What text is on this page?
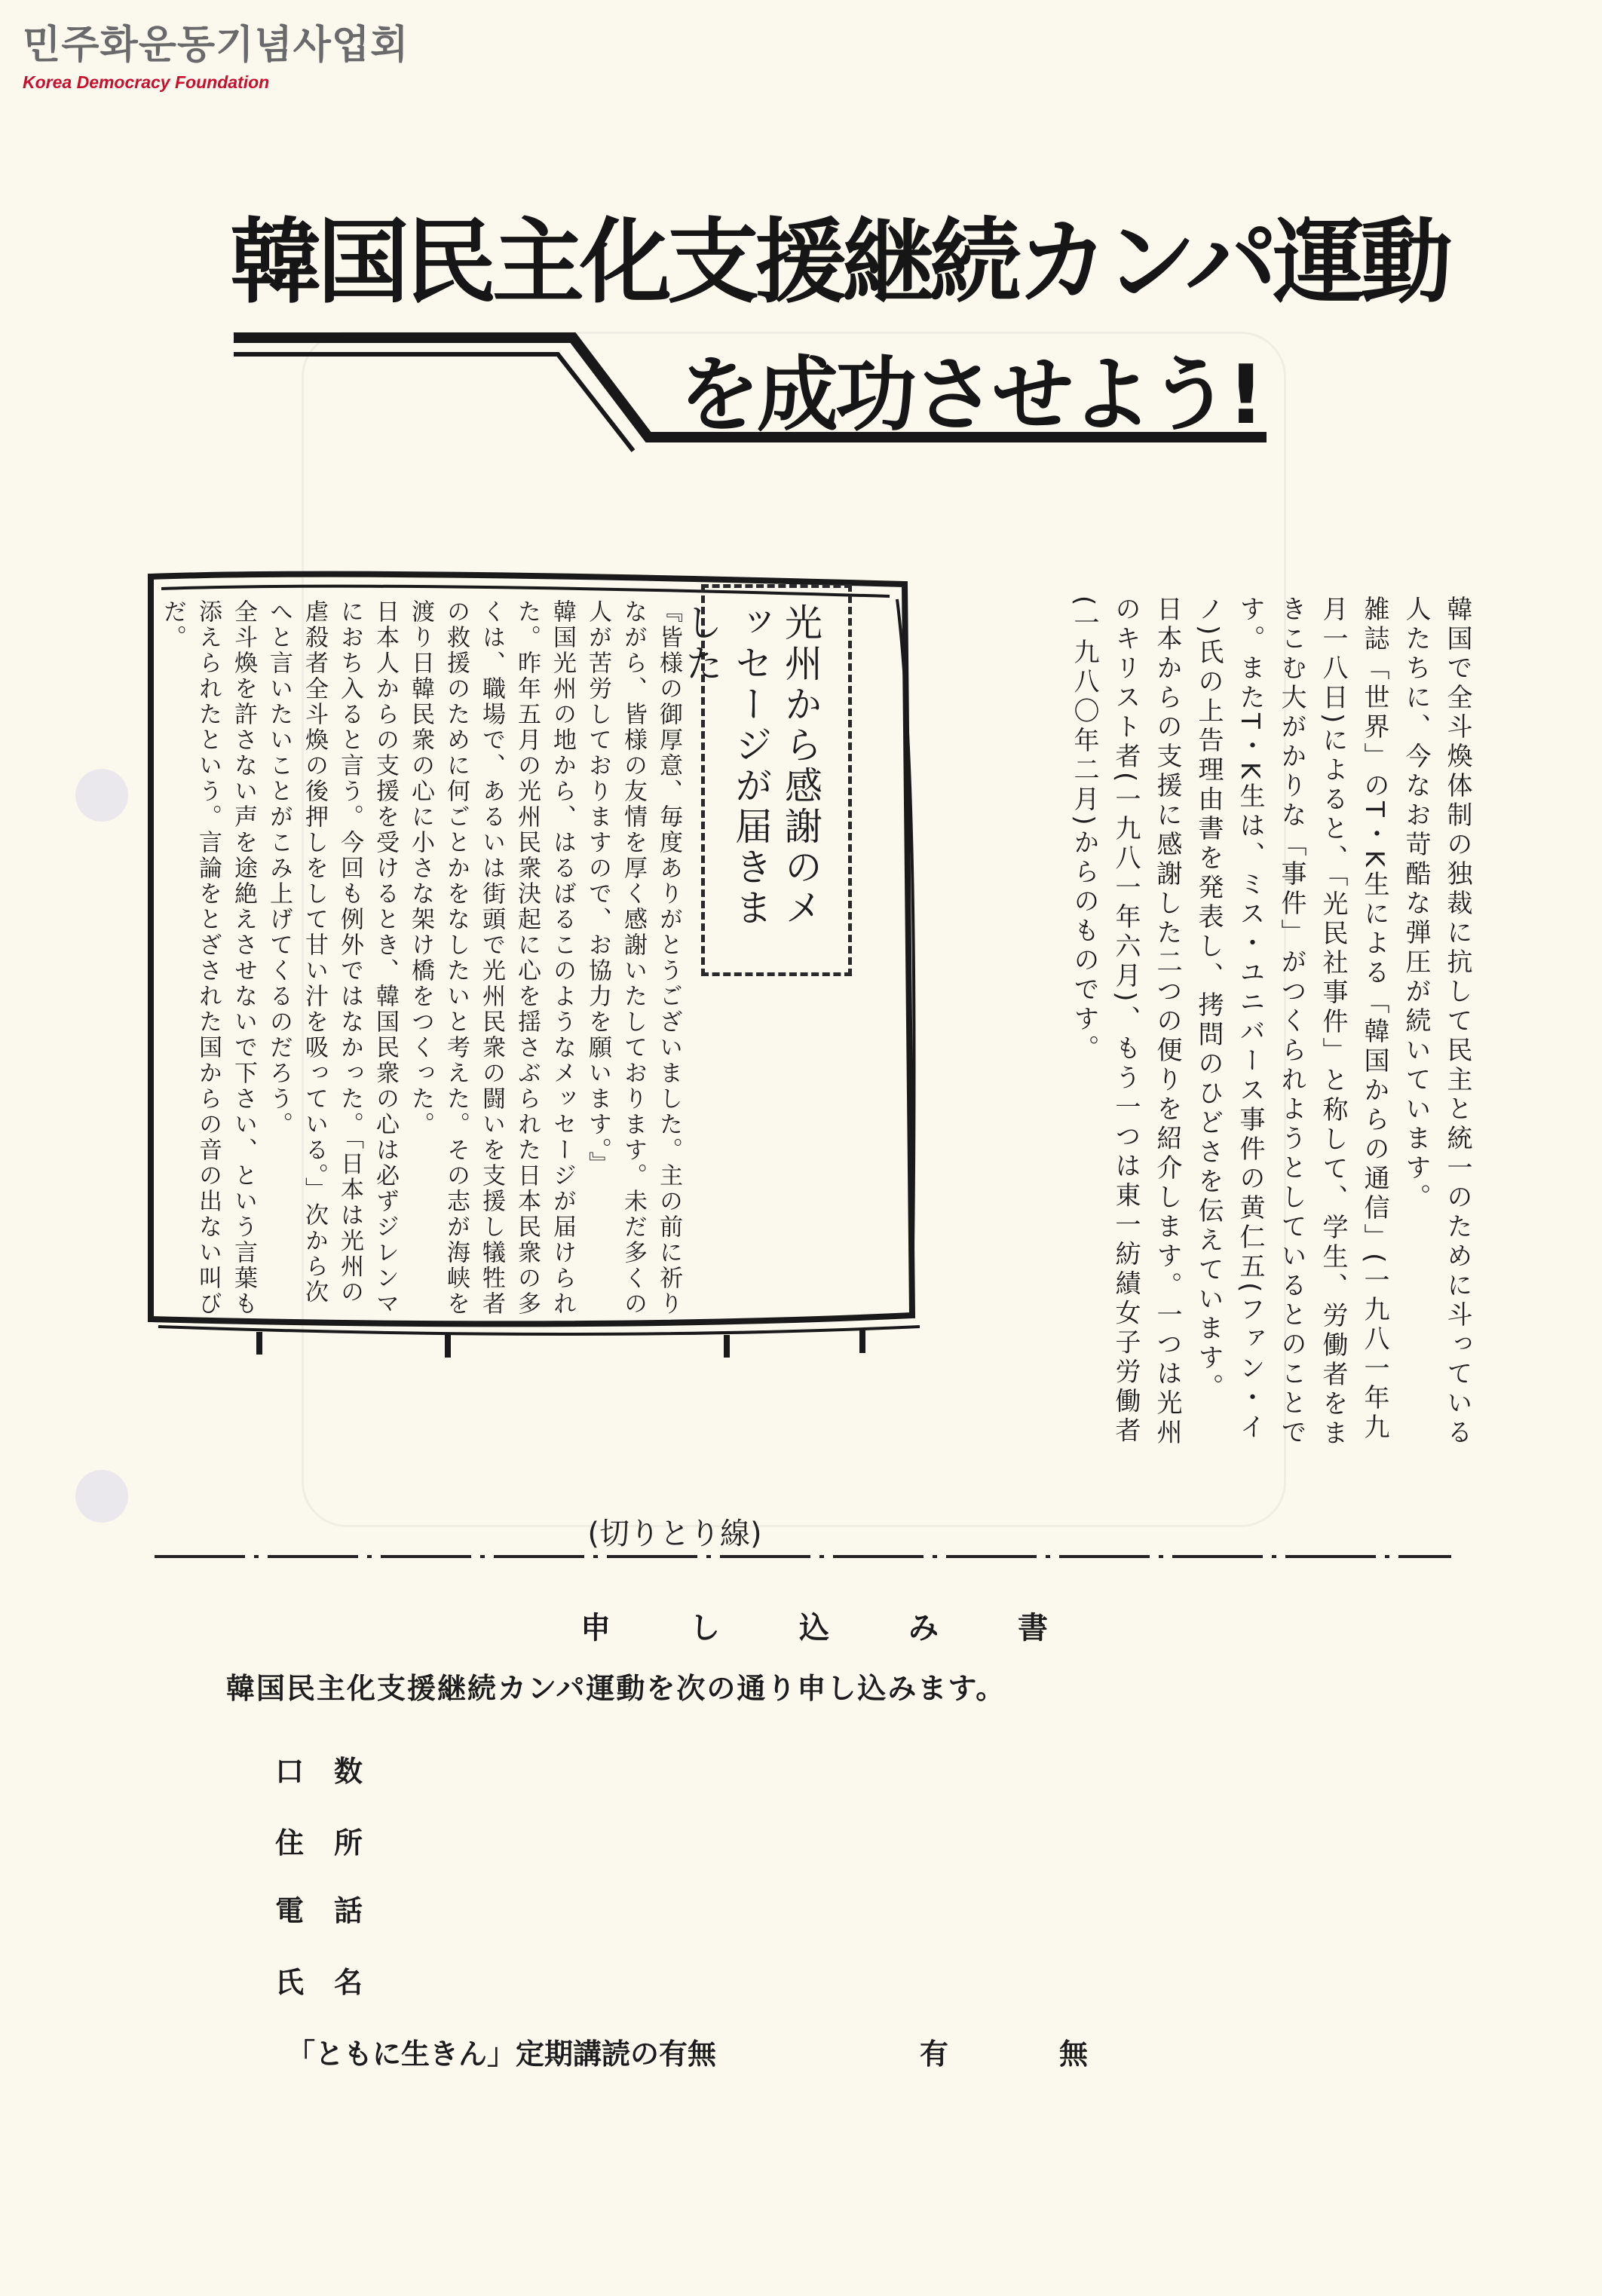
민주화운동기념사업회
Korea Democracy Foundation
韓国民主化支援継続カンパ運動
を成功させよう!

韓国で全斗煥体制の独裁に抗して民主と統一のために斗っている人たちに、今なお苛酷な弾圧が続いています。

雑誌「世界」のT・K生による「韓国からの通信」(一九八一年九月一八日)によると、「光民社事件」と称して、学生、労働者をまきこむ大がかりな「事件」がつくられようとしているとのことです。またT・K生は、ミス・ユニバース事件の黄仁五(ファン・イノ)氏の上告理由書を発表し、拷問のひどさを伝えています。

日本からの支援に感謝した二つの便りを紹介します。一つは光州のキリスト者(一九八一年六月)、もう一つは東一紡績女子労働者(一九八〇年二月)からのものです。

光州から感謝のメッセージが届きました

『皆様の御厚意、毎度ありがとうございました。主の前に祈りながら、皆様の友情を厚く感謝いたしております。未だ多くの人が苦労しておりますので、お協力を願います。』

韓国光州の地から、はるばるこのようなメッセージが届けられた。昨年五月の光州民衆決起に心を揺さぶられた日本民衆の多くは、職場で、あるいは街頭で光州民衆の闘いを支援し犠牲者の救援のために何ごとかをなしたいと考えた。その志が海峡を渡り日韓民衆の心に小さな架け橋をつくった。

日本人からの支援を受けるとき、韓国民衆の心は必ずジレンマにおち入ると言う。今回も例外ではなかった。「日本は光州の虐殺者全斗煥の後押しをして甘い汁を吸っている。」次から次へと言いたいことがこみ上げてくるのだろう。

全斗煥を許さない声を途絶えさせないで下さい、という言葉も添えられたという。言論をとざされた国からの音の出ない叫びだ。

(切りとり線)
申	し	込	み	書
韓国民主化支援継続カンパ運動を次の通り申し込みます。
口数
住所
電話
氏名
「ともに生きん」定期講読の有無	有	無
